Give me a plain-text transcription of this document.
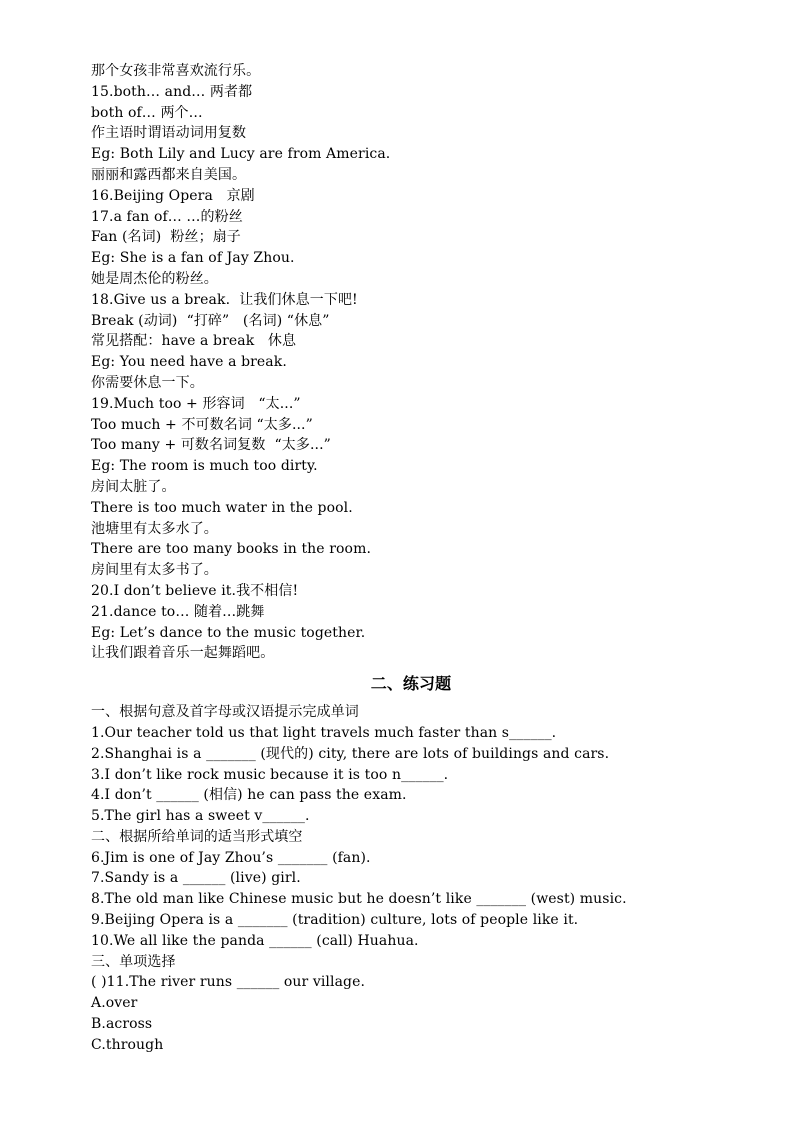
那个女孩非常喜欢流行乐。
15.both… and… 两者都
both of… 两个…
作主语时谓语动词用复数
Eg: Both Lily and Lucy are from America.
丽丽和露西都来自美国。
16.Beijing Opera   京剧
17.a fan of… …的粉丝
Fan (名词)  粉丝；扇子
Eg: She is a fan of Jay Zhou.
她是周杰伦的粉丝。
18.Give us a break.  让我们休息一下吧!
Break (动词)  “打碎”   (名词) “休息”
常见搭配：have a break   休息
Eg: You need have a break.
你需要休息一下。
19.Much too + 形容词   “太...”
Too much + 不可数名词 “太多...”
Too many + 可数名词复数  “太多...”
Eg: The room is much too dirty.
房间太脏了。
There is too much water in the pool.
池塘里有太多水了。
There are too many books in the room.
房间里有太多书了。
20.I don’t believe it.我不相信!
21.dance to… 随着…跳舞
Eg: Let’s dance to the music together.
让我们跟着音乐一起舞蹈吧。
二、练习题
一、根据句意及首字母或汉语提示完成单词
1.Our teacher told us that light travels much faster than s______.
2.Shanghai is a _______ (现代的) city, there are lots of buildings and cars.
3.I don’t like rock music because it is too n______.
4.I don’t ______ (相信) he can pass the exam.
5.The girl has a sweet v______.
二、根据所给单词的适当形式填空
6.Jim is one of Jay Zhou’s _______ (fan).
7.Sandy is a ______ (live) girl.
8.The old man like Chinese music but he doesn’t like _______ (west) music.
9.Beijing Opera is a _______ (tradition) culture, lots of people like it.
10.We all like the panda ______ (call) Huahua.
三、单项选择
( )11.The river runs ______ our village.
A.over
B.across
C.through
